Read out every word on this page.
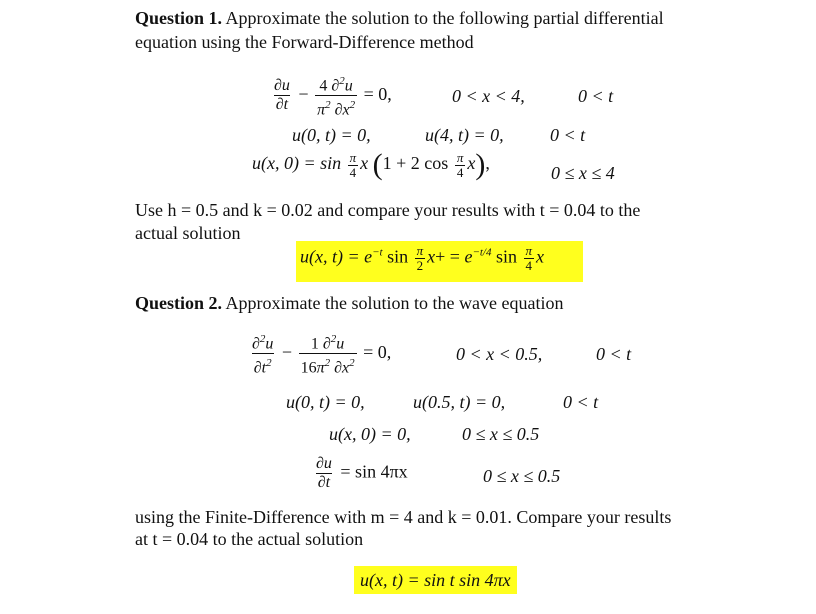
Question 1. Approximate the solution to the following partial differential
equation using the Forward-Difference method
$\frac{\partial u}{\partial t} - \frac{4 \partial^2u}{\pi^2 \partial x^2} = 0$,	0 < x < 4,	0 < t
u(0, t) = 0,	u(4, t) = 0,	0 < t
u(x, $0) = \sin \frac{\pi}{4}$ x (1 + 2 $\cos \frac{\pi}{4} x$),	0 ≤ x ≤ 4
Use h = 0.5 and k = 0.02 and compare your results with t = 0.04 to the
actual solution
u(x, $t) = e^{-t}$ $\sin \frac{\pi}{2} x+ = e^{-t/4}$ $\sin \frac{\pi}{4}$ x
Question 2. Approximate the solution to the wave equation
$\frac{\partial^2u}{\partial t^2} - \frac{1 \partial^2u}{16\pi^2 \partial x^2} = 0$,	0 < x < 0.5,	0 < t
u(0, t) = 0,	u(0.5, t) = 0,	0 < t
u(x, 0) = 0,	0 ≤ x ≤ 0.5
$\frac{\partial u}{\partial t} = \sin 4\pi x$	0 ≤ x ≤ 0.5
using the Finite-Difference with m = 4 and k = 0.01. Compare your results
at t = 0.04 to the actual solution
u(x, t) = sin t sin 4πx
